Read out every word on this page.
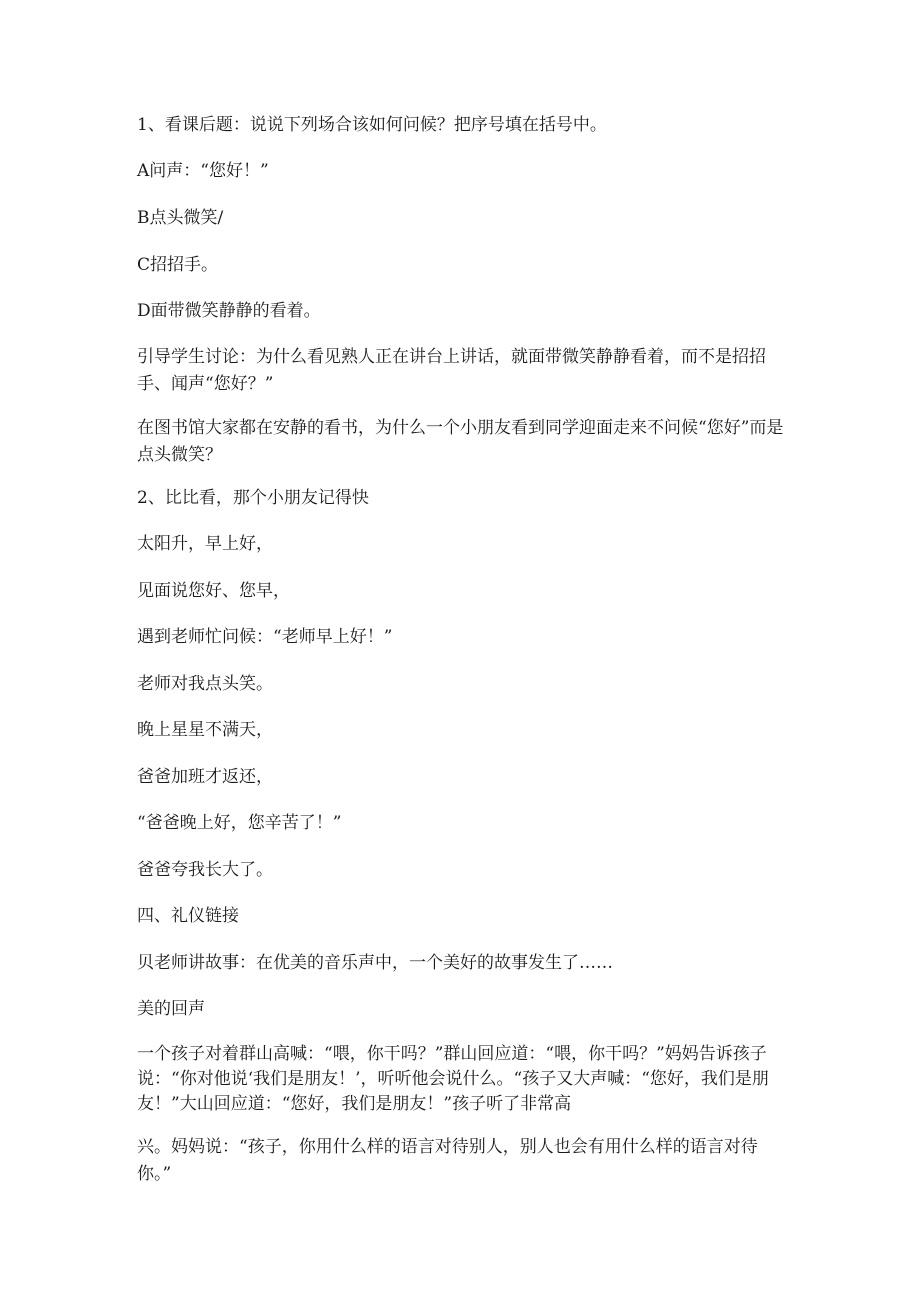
1、看课后题：说说下列场合该如何问候？把序号填在括号中。
A问声：“您好！”
B点头微笑/
C招招手。
D面带微笑静静的看着。
引导学生讨论：为什么看见熟人正在讲台上讲话，就面带微笑静静看着，而不是招招手、闻声“您好？”
在图书馆大家都在安静的看书，为什么一个小朋友看到同学迎面走来不问候“您好”而是点头微笑？
2、比比看，那个小朋友记得快
太阳升，早上好，
见面说您好、您早，
遇到老师忙问候：“老师早上好！”
老师对我点头笑。
晚上星星不满天，
爸爸加班才返还，
“爸爸晚上好，您辛苦了！”
爸爸夸我长大了。
四、礼仪链接
贝老师讲故事：在优美的音乐声中，一个美好的故事发生了……
美的回声
一个孩子对着群山高喊：“喂，你干吗？”群山回应道：“喂，你干吗？”妈妈告诉孩子说：“你对他说‘我们是朋友！’，听听他会说什么。“孩子又大声喊：“您好，我们是朋友！”大山回应道：“您好，我们是朋友！”孩子听了非常高
兴。妈妈说：“孩子，你用什么样的语言对待别人，别人也会有用什么样的语言对待你。”
